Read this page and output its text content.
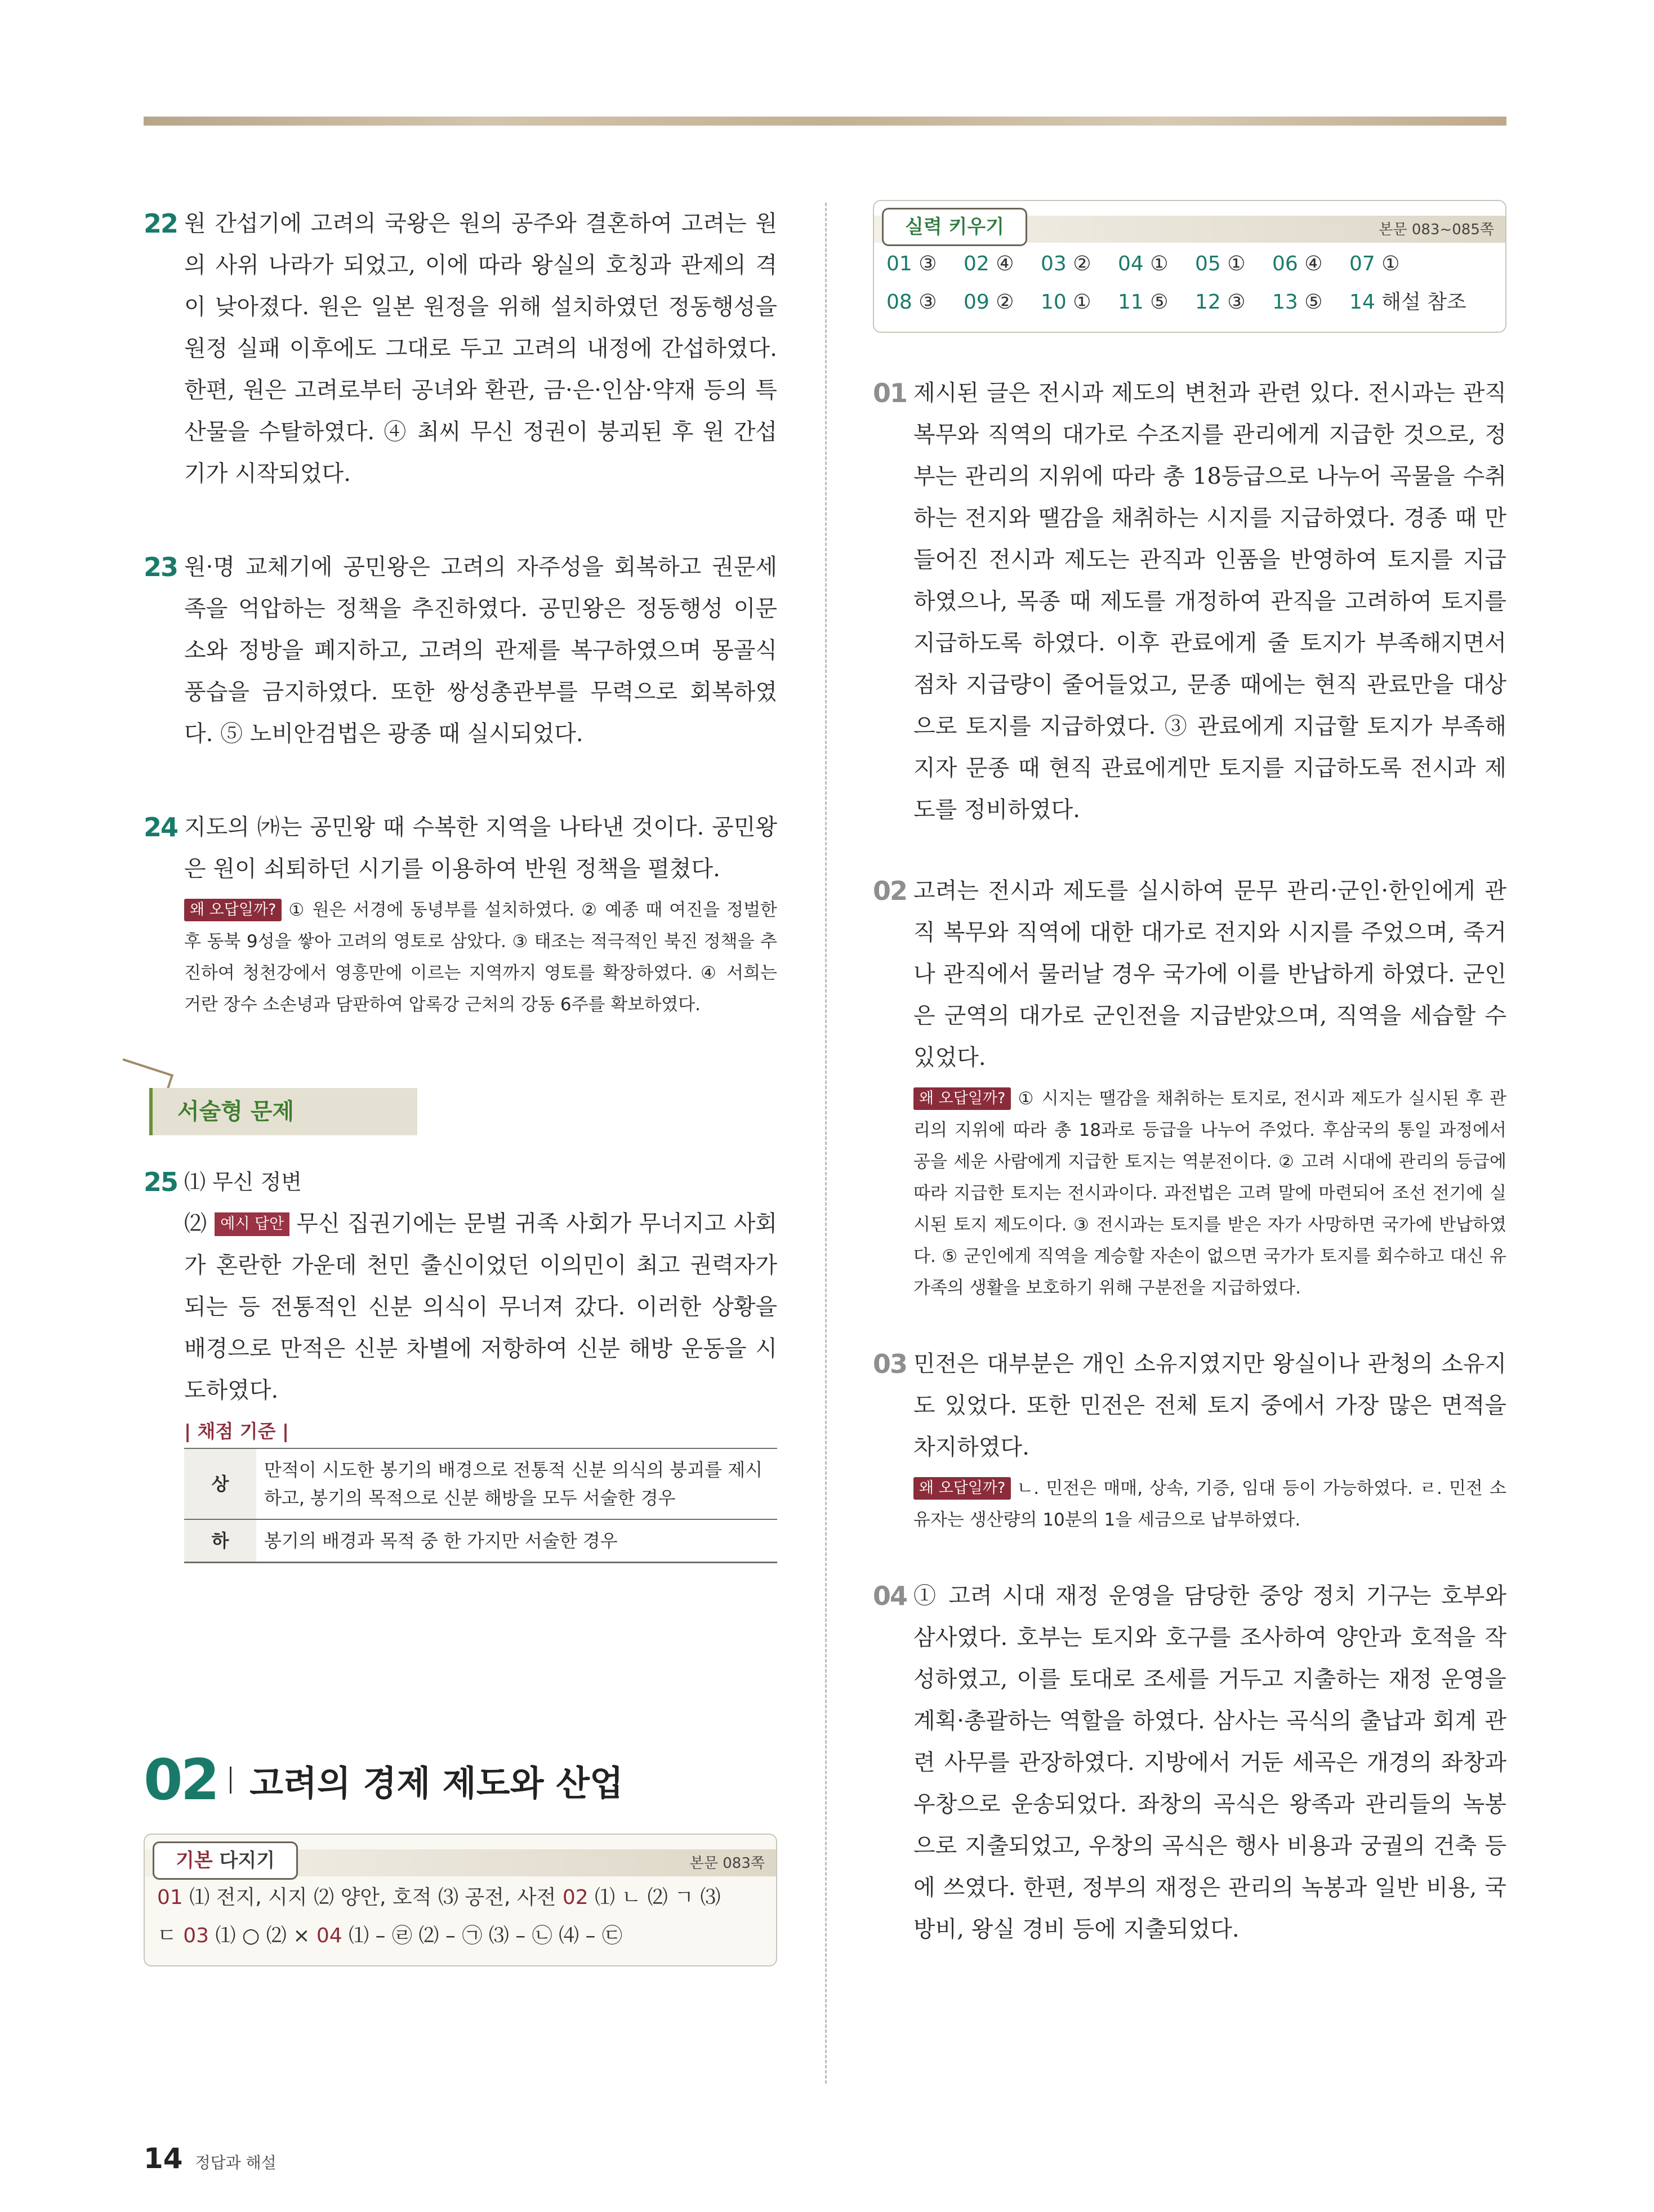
22 원 간섭기에 고려의 국왕은 원의 공주와 결혼하여 고려는 원의 사위 나라가 되었고, 이에 따라 왕실의 호칭과 관제의 격이 낮아졌다. 원은 일본 원정을 위해 설치하였던 정동행성을 원정 실패 이후에도 그대로 두고 고려의 내정에 간섭하였다. 한편, 원은 고려로부터 공녀와 환관, 금·은·인삼·약재 등의 특산물을 수탈하였다. ④ 최씨 무신 정권이 붕괴된 후 원 간섭기가 시작되었다.

23 원·명 교체기에 공민왕은 고려의 자주성을 회복하고 권문세족을 억압하는 정책을 추진하였다. 공민왕은 정동행성 이문소와 정방을 폐지하고, 고려의 관제를 복구하였으며 몽골식 풍습을 금지하였다. 또한 쌍성총관부를 무력으로 회복하였다. ⑤ 노비안검법은 광종 때 실시되었다.

24 지도의 ㈎는 공민왕 때 수복한 지역을 나타낸 것이다. 공민왕은 원이 쇠퇴하던 시기를 이용하여 반원 정책을 펼쳤다.

왜 오답일까? ① 원은 서경에 동녕부를 설치하였다. ② 예종 때 여진을 정벌한 후 동북 9성을 쌓아 고려의 영토로 삼았다. ③ 태조는 적극적인 북진 정책을 추진하여 청천강에서 영흥만에 이르는 지역까지 영토를 확장하였다. ④ 서희는 거란 장수 소손녕과 담판하여 압록강 근처의 강동 6주를 확보하였다.
서술형 문제
25 ⑴ 무신 정변

⑵ 예시 답안 무신 집권기에는 문벌 귀족 사회가 무너지고 사회가 혼란한 가운데 천민 출신이었던 이의민이 최고 권력자가 되는 등 전통적인 신분 의식이 무너져 갔다. 이러한 상황을 배경으로 만적은 신분 차별에 저항하여 신분 해방 운동을 시도하였다.

| 채점 기준 |
상	만적이 시도한 봉기의 배경으로 전통적 신분 의식의 붕괴를 제시하고, 봉기의 목적으로 신분 해방을 모두 서술한 경우
하	봉기의 배경과 목적 중 한 가지만 서술한 경우
02 고려의 경제 제도와 산업
기본 다지기	본문 083쪽
01 ⑴ 전지, 시지 ⑵ 양안, 호적 ⑶ 공전, 사전 02 ⑴ ㄴ ⑵ ㄱ ⑶
ㄷ 03 ⑴ ○ ⑵ × 04 ⑴ – ㉣ ⑵ – ㉠ ⑶ – ㉡ ⑷ – ㉢
실력 키우기	본문 083~085쪽
01 ③	02 ④	03 ②	04 ①	05 ①	06 ④	07 ①
08 ③	09 ②	10 ①	11 ⑤	12 ③	13 ⑤	14 해설 참조
01 제시된 글은 전시과 제도의 변천과 관련 있다. 전시과는 관직 복무와 직역의 대가로 수조지를 관리에게 지급한 것으로, 정부는 관리의 지위에 따라 총 18등급으로 나누어 곡물을 수취하는 전지와 땔감을 채취하는 시지를 지급하였다. 경종 때 만들어진 전시과 제도는 관직과 인품을 반영하여 토지를 지급하였으나, 목종 때 제도를 개정하여 관직을 고려하여 토지를 지급하도록 하였다. 이후 관료에게 줄 토지가 부족해지면서 점차 지급량이 줄어들었고, 문종 때에는 현직 관료만을 대상으로 토지를 지급하였다. ③ 관료에게 지급할 토지가 부족해지자 문종 때 현직 관료에게만 토지를 지급하도록 전시과 제도를 정비하였다.

02 고려는 전시과 제도를 실시하여 문무 관리·군인·한인에게 관직 복무와 직역에 대한 대가로 전지와 시지를 주었으며, 죽거나 관직에서 물러날 경우 국가에 이를 반납하게 하였다. 군인은 군역의 대가로 군인전을 지급받았으며, 직역을 세습할 수 있었다.

왜 오답일까? ① 시지는 땔감을 채취하는 토지로, 전시과 제도가 실시된 후 관리의 지위에 따라 총 18과로 등급을 나누어 주었다. 후삼국의 통일 과정에서 공을 세운 사람에게 지급한 토지는 역분전이다. ② 고려 시대에 관리의 등급에 따라 지급한 토지는 전시과이다. 과전법은 고려 말에 마련되어 조선 전기에 실시된 토지 제도이다. ③ 전시과는 토지를 받은 자가 사망하면 국가에 반납하였다. ⑤ 군인에게 직역을 계승할 자손이 없으면 국가가 토지를 회수하고 대신 유가족의 생활을 보호하기 위해 구분전을 지급하였다.
03 민전은 대부분은 개인 소유지였지만 왕실이나 관청의 소유지도 있었다. 또한 민전은 전체 토지 중에서 가장 많은 면적을 차지하였다.

왜 오답일까? ㄴ. 민전은 매매, 상속, 기증, 임대 등이 가능하였다. ㄹ. 민전 소유자는 생산량의 10분의 1을 세금으로 납부하였다.
04 ① 고려 시대 재정 운영을 담당한 중앙 정치 기구는 호부와 삼사였다. 호부는 토지와 호구를 조사하여 양안과 호적을 작성하였고, 이를 토대로 조세를 거두고 지출하는 재정 운영을 계획·총괄하는 역할을 하였다. 삼사는 곡식의 출납과 회계 관련 사무를 관장하였다. 지방에서 거둔 세곡은 개경의 좌창과 우창으로 운송되었다. 좌창의 곡식은 왕족과 관리들의 녹봉으로 지출되었고, 우창의 곡식은 행사 비용과 궁궐의 건축 등에 쓰였다. 한편, 정부의 재정은 관리의 녹봉과 일반 비용, 국방비, 왕실 경비 등에 지출되었다.

14 정답과 해설
